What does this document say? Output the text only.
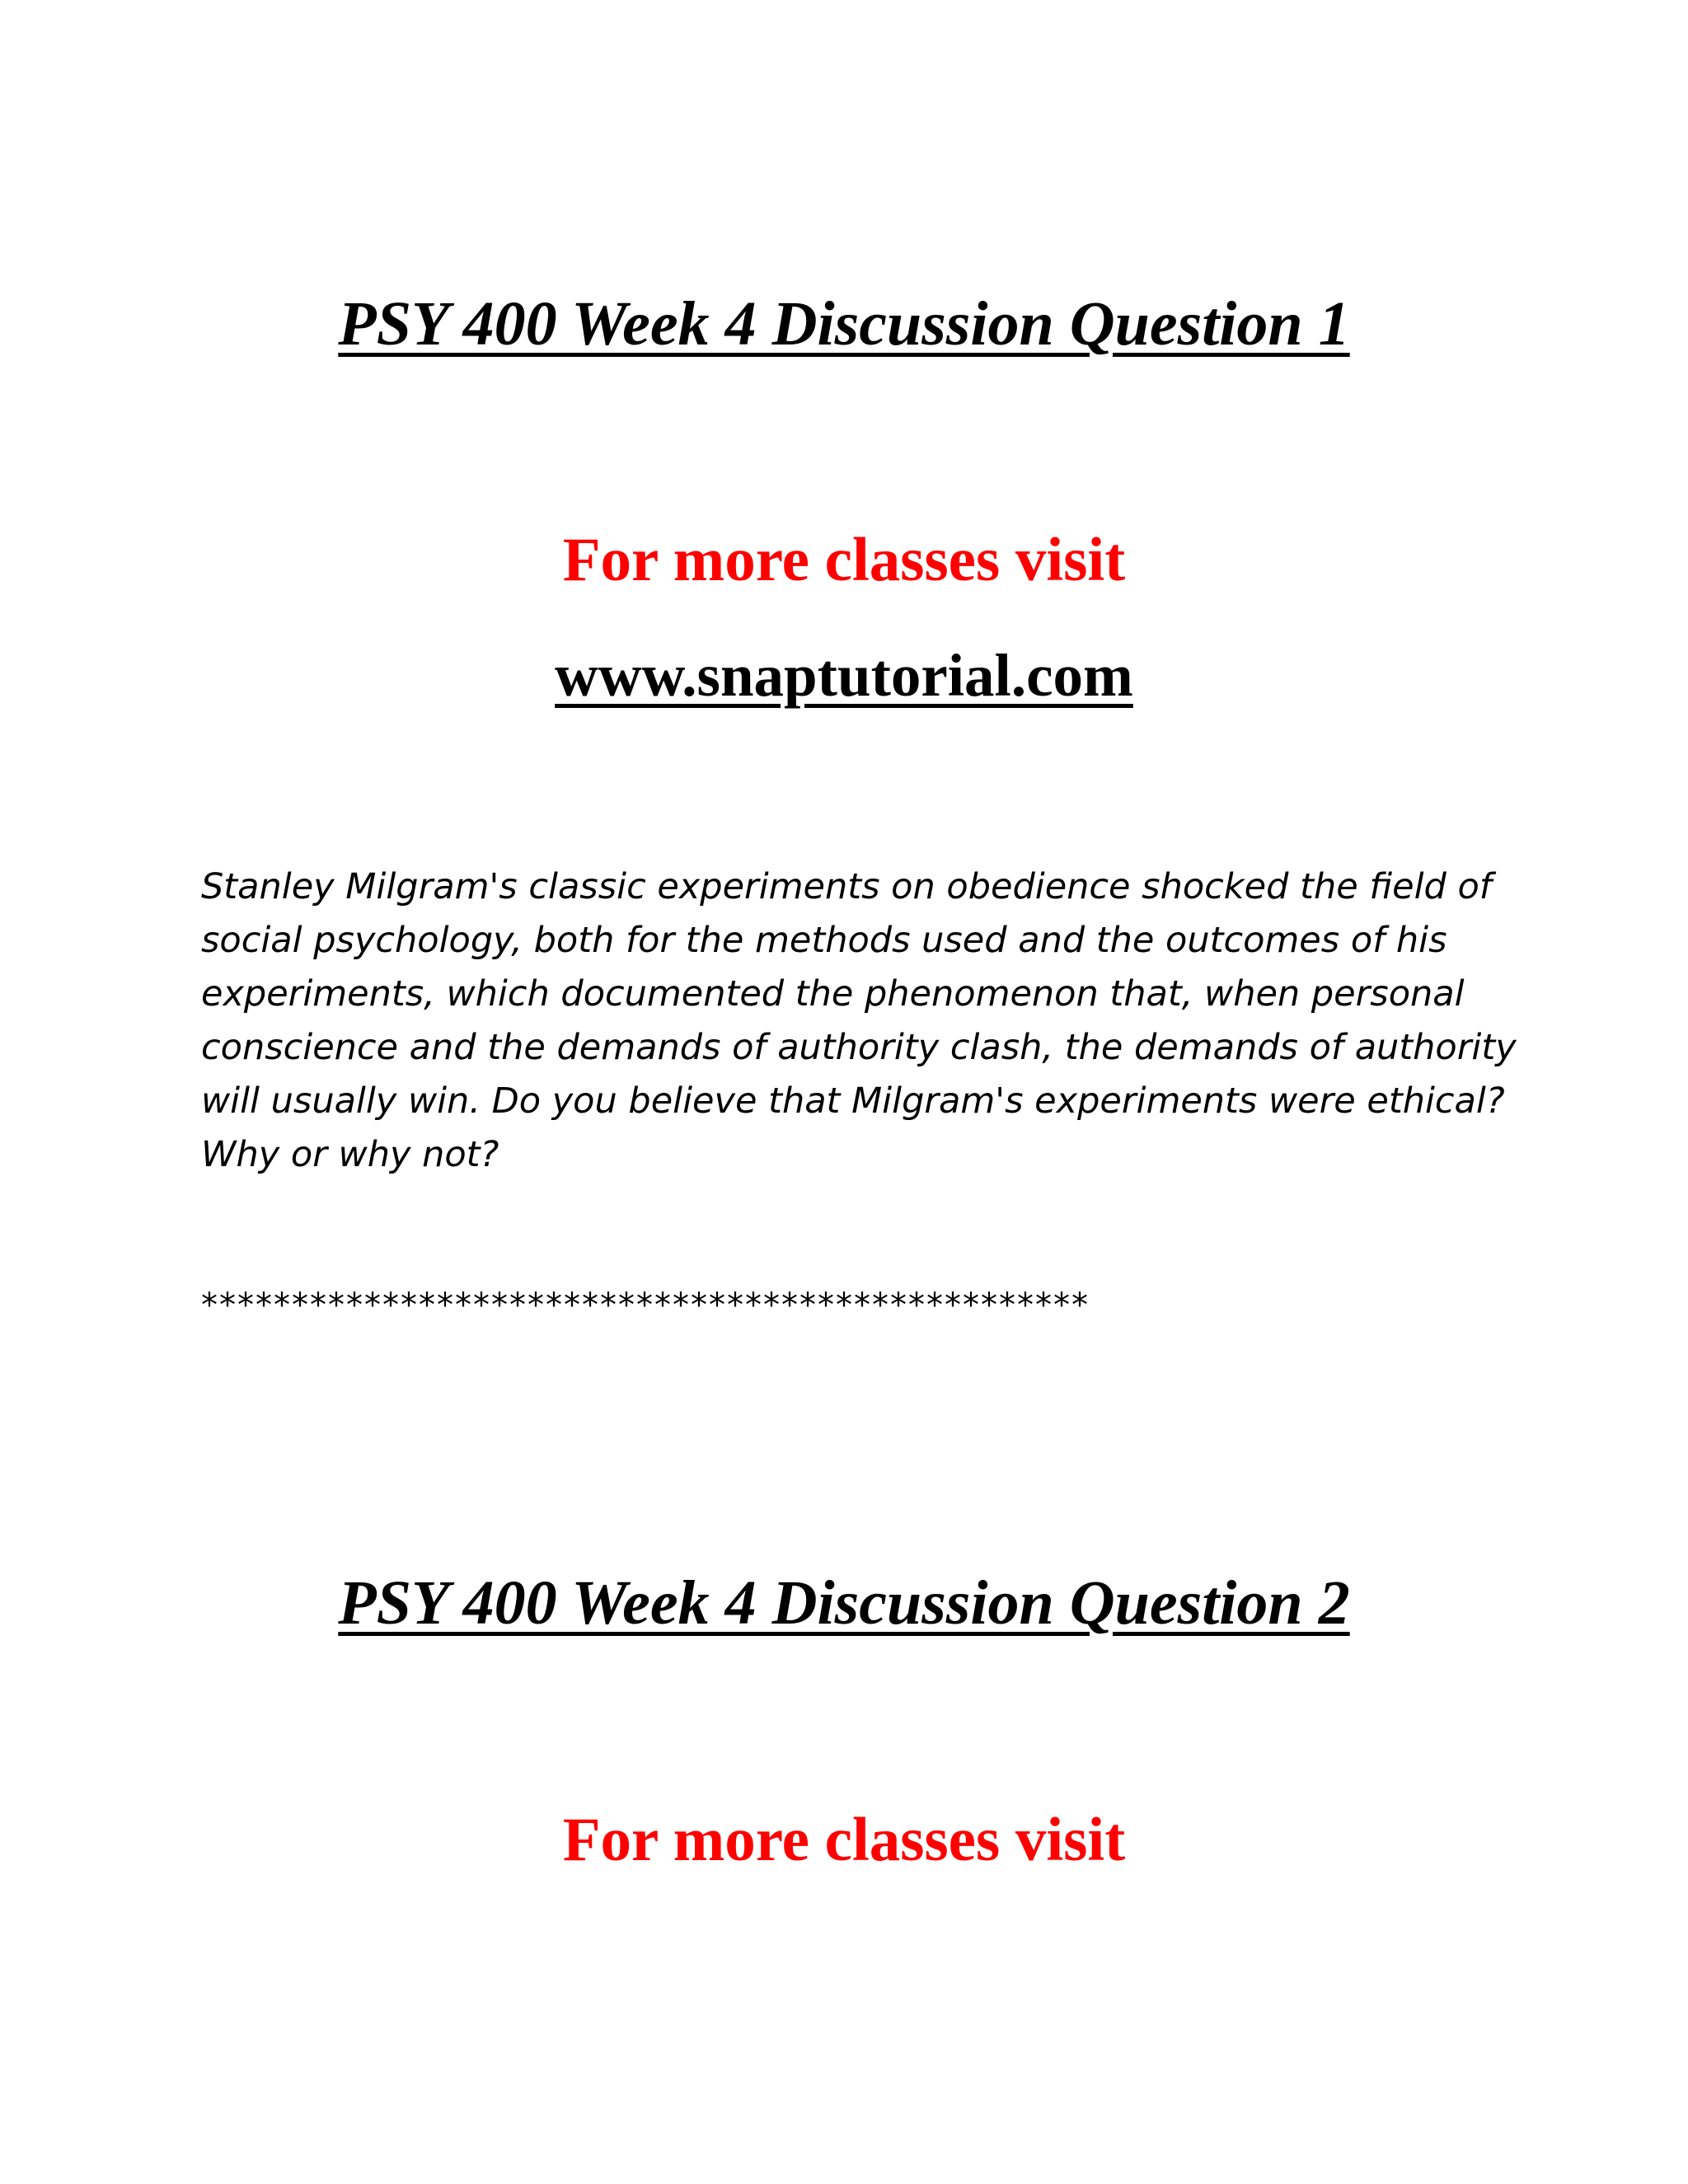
PSY 400 Week 4 Discussion Question 1
For more classes visit
www.snaptutorial.com
Stanley Milgram's classic experiments on obedience shocked the field of social psychology, both for the methods used and the outcomes of his experiments, which documented the phenomenon that, when personal conscience and the demands of authority clash, the demands of authority will usually win. Do you believe that Milgram's experiments were ethical? Why or why not?
*************************************************
PSY 400 Week 4 Discussion Question 2
For more classes visit
